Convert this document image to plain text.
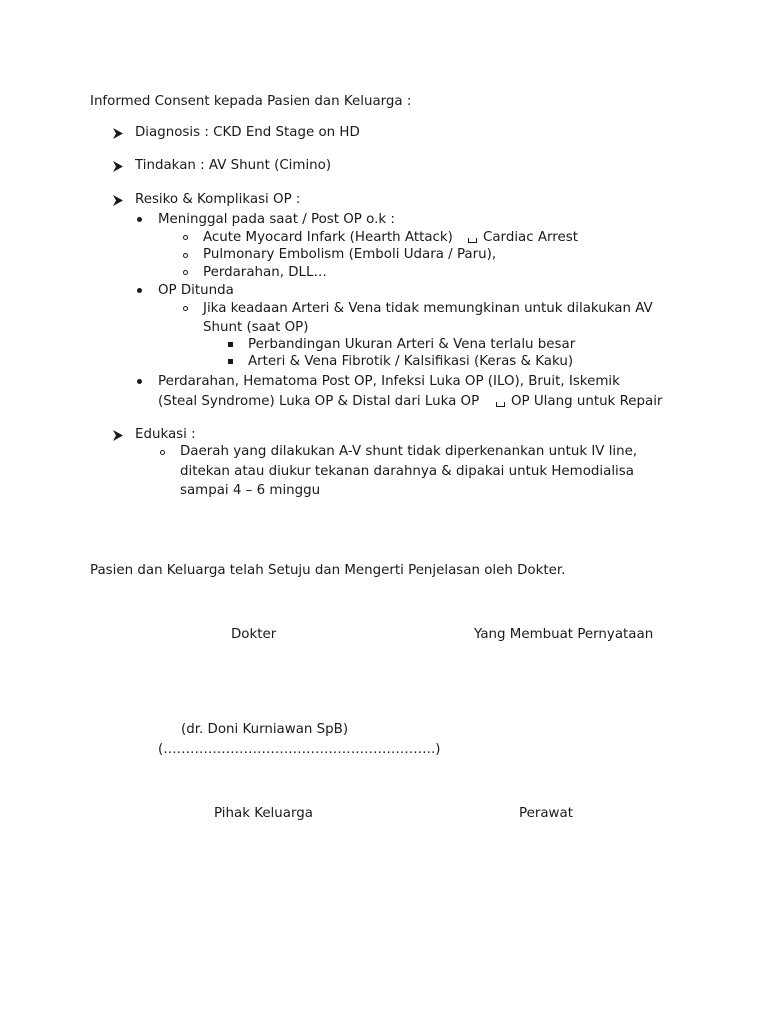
Informed Consent kepada Pasien dan Keluarga :
Diagnosis : CKD End Stage on HD
Tindakan : AV Shunt (Cimino)
Resiko & Komplikasi OP :
Meninggal pada saat / Post OP o.k :
Acute Myocard Infark (Hearth Attack) Cardiac Arrest
Pulmonary Embolism (Emboli Udara / Paru),
Perdarahan, DLL…
OP Ditunda
Jika keadaan Arteri & Vena tidak memungkinan untuk dilakukan AV
Shunt (saat OP)
Perbandingan Ukuran Arteri & Vena terlalu besar
Arteri & Vena Fibrotik / Kalsifikasi (Keras & Kaku)
Perdarahan, Hematoma Post OP, Infeksi Luka OP (ILO), Bruit, Iskemik
(Steal Syndrome) Luka OP & Distal dari Luka OP OP Ulang untuk Repair
Edukasi :
Daerah yang dilakukan A-V shunt tidak diperkenankan untuk IV line,
ditekan atau diukur tekanan darahnya & dipakai untuk Hemodialisa
sampai 4 – 6 minggu
Pasien dan Keluarga telah Setuju dan Mengerti Penjelasan oleh Dokter.
Dokter	Yang Membuat Pernyataan
(dr. Doni Kurniawan SpB)
(…………………………………………………….)
Pihak Keluarga	Perawat
